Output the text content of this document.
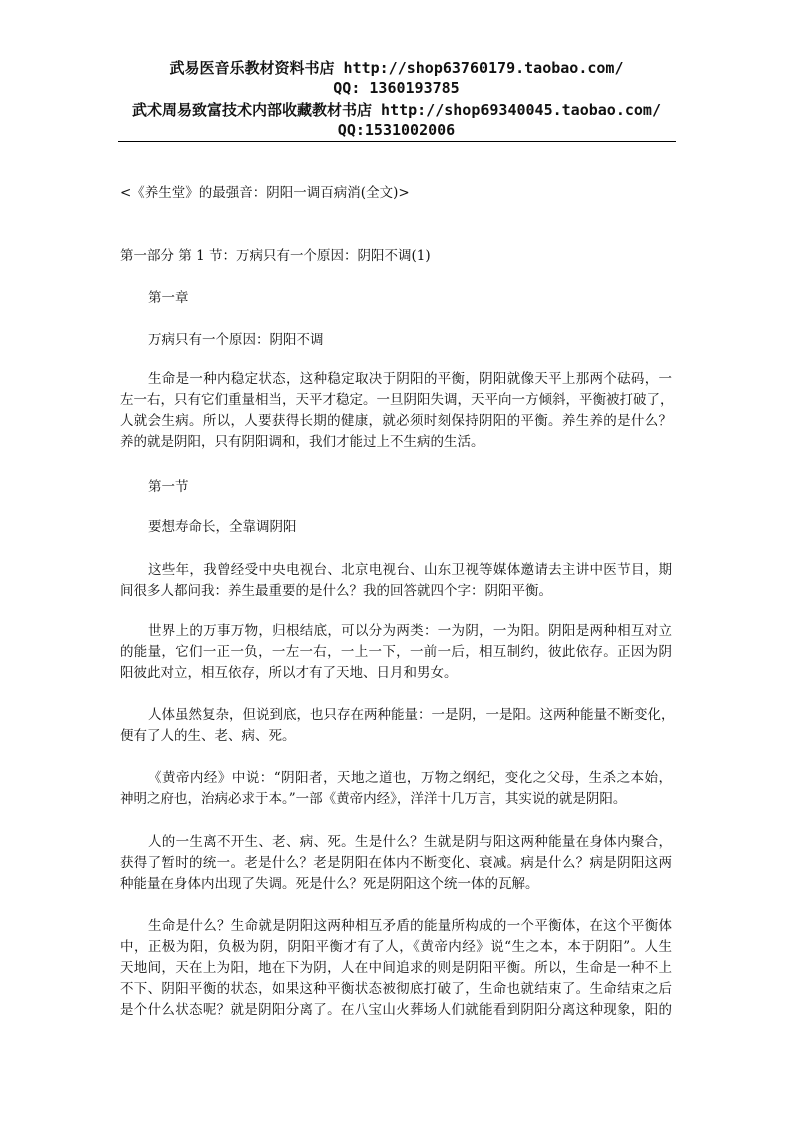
武易医音乐教材资料书店 http://shop63760179.taobao.com/
QQ: 1360193785
武术周易致富技术内部收藏教材书店 http://shop69340045.taobao.com/
QQ:1531002006
<《养生堂》的最强音：阴阳一调百病消(全文)>
第一部分 第 1 节：万病只有一个原因：阴阳不调(1)
第一章
万病只有一个原因：阴阳不调
生命是一种内稳定状态，这种稳定取决于阴阳的平衡，阴阳就像天平上那两个砝码，一
左一右，只有它们重量相当，天平才稳定。一旦阴阳失调，天平向一方倾斜，平衡被打破了，
人就会生病。所以，人要获得长期的健康，就必须时刻保持阴阳的平衡。养生养的是什么？
养的就是阴阳，只有阴阳调和，我们才能过上不生病的生活。
第一节
要想寿命长，全靠调阴阳
这些年，我曾经受中央电视台、北京电视台、山东卫视等媒体邀请去主讲中医节目，期
间很多人都问我：养生最重要的是什么？我的回答就四个字：阴阳平衡。
世界上的万事万物，归根结底，可以分为两类：一为阴，一为阳。阴阳是两种相互对立
的能量，它们一正一负，一左一右，一上一下，一前一后，相互制约，彼此依存。正因为阴
阳彼此对立，相互依存，所以才有了天地、日月和男女。
人体虽然复杂，但说到底，也只存在两种能量：一是阴，一是阳。这两种能量不断变化，
便有了人的生、老、病、死。
《黄帝内经》中说：“阴阳者，天地之道也，万物之纲纪，变化之父母，生杀之本始，
神明之府也，治病必求于本。”一部《黄帝内经》，洋洋十几万言，其实说的就是阴阳。
人的一生离不开生、老、病、死。生是什么？生就是阴与阳这两种能量在身体内聚合，
获得了暂时的统一。老是什么？老是阴阳在体内不断变化、衰减。病是什么？病是阴阳这两
种能量在身体内出现了失调。死是什么？死是阴阳这个统一体的瓦解。
生命是什么？生命就是阴阳这两种相互矛盾的能量所构成的一个平衡体，在这个平衡体
中，正极为阳，负极为阴，阴阳平衡才有了人，《黄帝内经》说“生之本，本于阴阳”。人生
天地间，天在上为阳，地在下为阴，人在中间追求的则是阴阳平衡。所以，生命是一种不上
不下、阴阳平衡的状态，如果这种平衡状态被彻底打破了，生命也就结束了。生命结束之后
是个什么状态呢？就是阴阳分离了。在八宝山火葬场人们就能看到阴阳分离这种现象，阳的
